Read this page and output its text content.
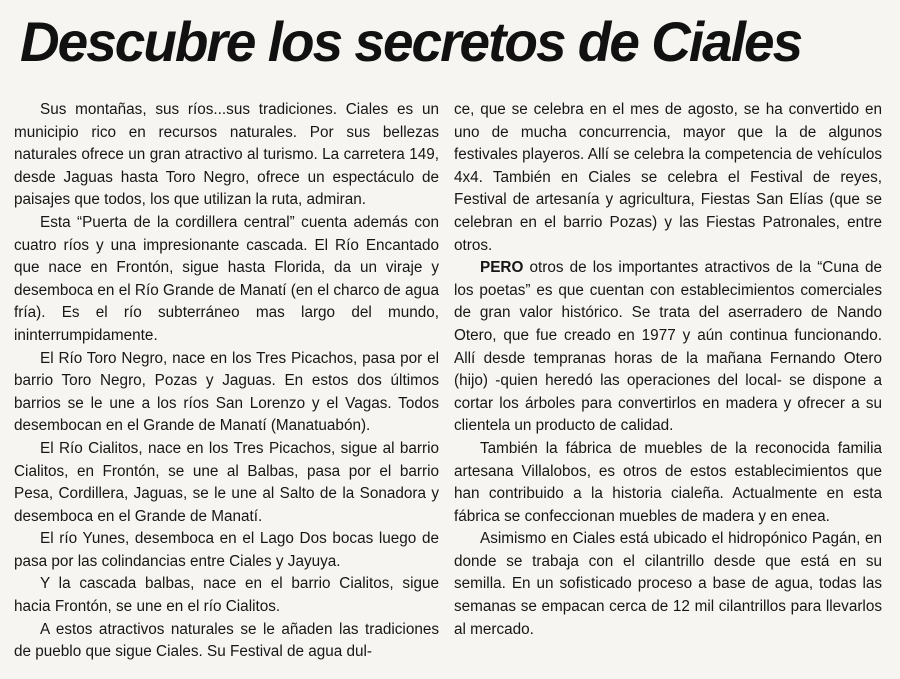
Descubre los secretos de Ciales

Sus montañas, sus ríos...sus tradiciones. Ciales es un municipio rico en recursos naturales. Por sus bellezas naturales ofrece un gran atractivo al turismo. La carretera 149, desde Jaguas hasta Toro Negro, ofrece un espectáculo de paisajes que todos, los que utilizan la ruta, admiran.

Esta “Puerta de la cordillera central” cuenta además con cuatro ríos y una impresionante cascada. El Río Encantado que nace en Frontón, sigue hasta Florida, da un viraje y desemboca en el Río Grande de Manatí (en el charco de agua fría). Es el río subterráneo mas largo del mundo, ininterrumpidamente.

El Río Toro Negro, nace en los Tres Picachos, pasa por el barrio Toro Negro, Pozas y Jaguas. En estos dos últimos barrios se le une a los ríos San Lorenzo y el Vagas. Todos desembocan en el Grande de Manatí (Manatuabón).

El Río Cialitos, nace en los Tres Picachos, sigue al barrio Cialitos, en Frontón, se une al Balbas, pasa por el barrio Pesa, Cordillera, Jaguas, se le une al Salto de la Sonadora y desemboca en el Grande de Manatí.

El río Yunes, desemboca en el Lago Dos bocas luego de pasa por las colindancias entre Ciales y Jayuya.

Y la cascada balbas, nace en el barrio Cialitos, sigue hacia Frontón, se une en el río Cialitos.

A estos atractivos naturales se le añaden las tradiciones de pueblo que sigue Ciales. Su Festival de agua dul-

ce, que se celebra en el mes de agosto, se ha convertido en uno de mucha concurrencia, mayor que la de algunos festivales playeros. Allí se celebra la competencia de vehículos 4x4. También en Ciales se celebra el Festival de reyes, Festival de artesanía y agricultura, Fiestas San Elías (que se celebran en el barrio Pozas) y las Fiestas Patronales, entre otros.

PERO otros de los importantes atractivos de la “Cuna de los poetas” es que cuentan con establecimientos comerciales de gran valor histórico. Se trata del aserradero de Nando Otero, que fue creado en 1977 y aún continua funcionando. Allí desde tempranas horas de la mañana Fernando Otero (hijo) -quien heredó las operaciones del local- se dispone a cortar los árboles para convertirlos en madera y ofrecer a su clientela un producto de calidad.

También la fábrica de muebles de la reconocida familia artesana Villalobos, es otros de estos establecimientos que han contribuido a la historia cialeña. Actualmente en esta fábrica se confeccionan muebles de madera y en enea.

Asimismo en Ciales está ubicado el hidropónico Pagán, en donde se trabaja con el cilantrillo desde que está en su semilla. En un sofisticado proceso a base de agua, todas las semanas se empacan cerca de 12 mil cilantrillos para llevarlos al mercado.
